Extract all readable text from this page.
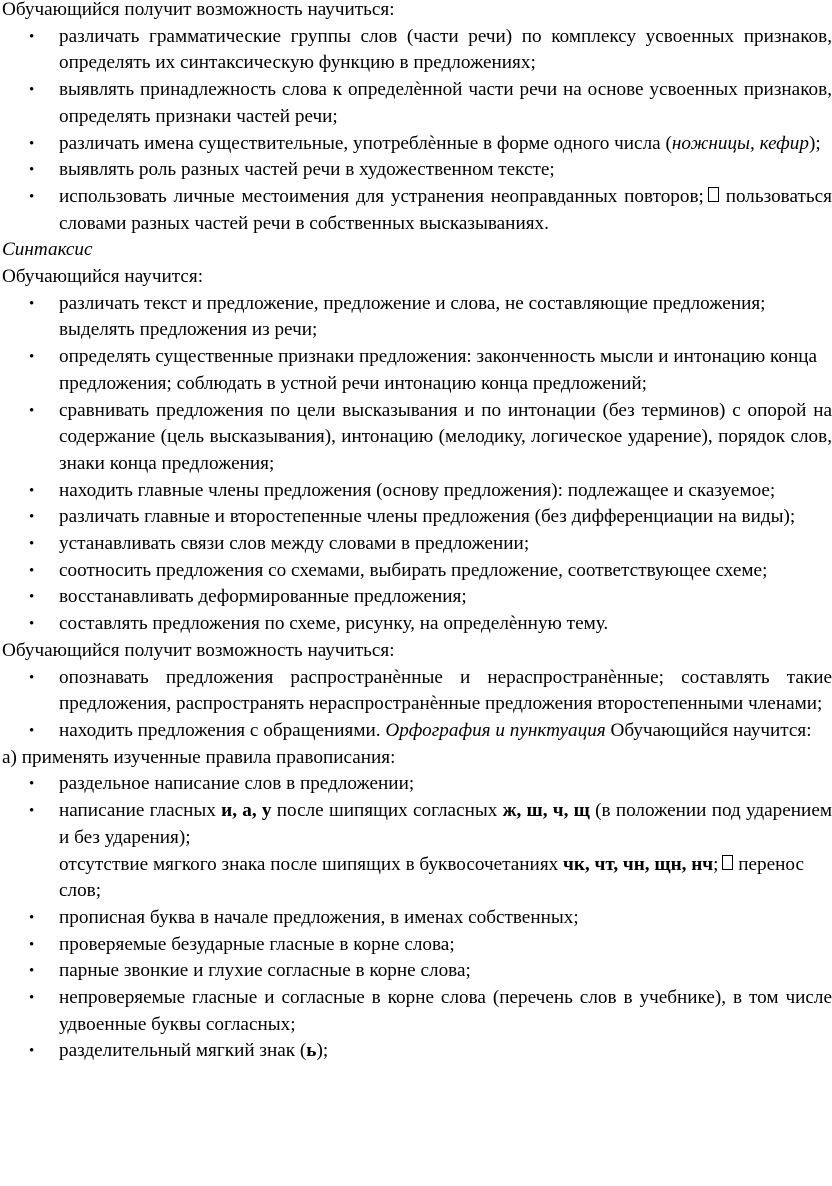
Обучающийся получит возможность научиться:

• различать грамматические группы слов (части речи) по комплексу усвоенных признаков, определять их синтаксическую функцию в предложениях;

• выявлять принадлежность слова к определѐнной части речи на основе усвоенных признаков, определять признаки частей речи;

• различать имена существительные, употреблѐнные в форме одного числа (ножницы, кефир);

• выявлять роль разных частей речи в художественном тексте;

• использовать личные местоимения для устранения неоправданных повторов; пользоваться словами разных частей речи в собственных высказываниях.

Синтаксис

Обучающийся научится:

• различать текст и предложение, предложение и слова, не составляющие предложения; выделять предложения из речи;

• определять существенные признаки предложения: законченность мысли и интонацию конца предложения; соблюдать в устной речи интонацию конца предложений;

• сравнивать предложения по цели высказывания и по интонации (без терминов) с опорой на содержание (цель высказывания), интонацию (мелодику, логическое ударение), порядок слов, знаки конца предложения;

• находить главные члены предложения (основу предложения): подлежащее и сказуемое;

• различать главные и второстепенные члены предложения (без дифференциации на виды);

• устанавливать связи слов между словами в предложении;

• соотносить предложения со схемами, выбирать предложение, соответствующее схеме;

• восстанавливать деформированные предложения;

• составлять предложения по схеме, рисунку, на определѐнную тему.

Обучающийся получит возможность научиться:

• опознавать предложения распространѐнные и нераспространѐнные; составлять такие предложения, распространять нераспространѐнные предложения второстепенными членами;

• находить предложения с обращениями. Орфография и пунктуация Обучающийся научится:

а) применять изученные правила правописания:

• раздельное написание слов в предложении;

• написание гласных и, а, у после шипящих согласных ж, ш, ч, щ (в положении под ударением и без ударения);

отсутствие мягкого знака после шипящих в буквосочетаниях чк, чт, чн, щн, нч; перенос слов;

• прописная буква в начале предложения, в именах собственных;

• проверяемые безударные гласные в корне слова;

• парные звонкие и глухие согласные в корне слова;

• непроверяемые гласные и согласные в корне слова (перечень слов в учебнике), в том числе удвоенные буквы согласных;

• разделительный мягкий знак (ь);
